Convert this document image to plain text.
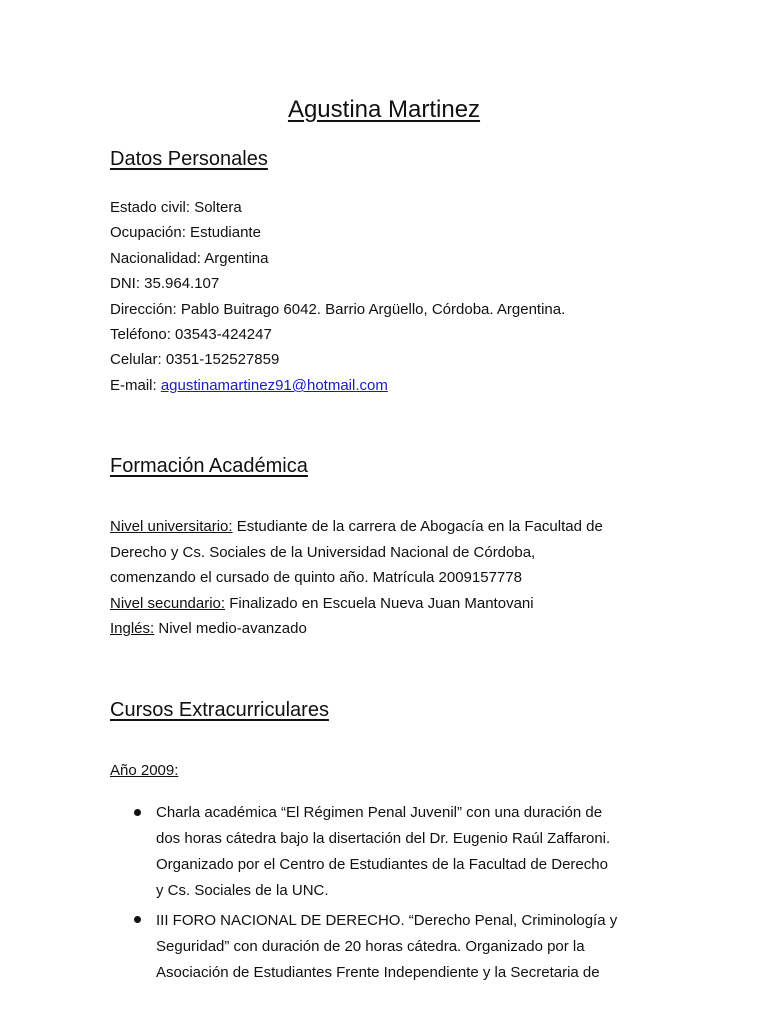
Agustina Martinez
Datos Personales
Estado civil: Soltera
Ocupación: Estudiante
Nacionalidad: Argentina
DNI: 35.964.107
Dirección: Pablo Buitrago 6042. Barrio Argüello, Córdoba. Argentina.
Teléfono: 03543-424247
Celular: 0351-152527859
E-mail: agustinamartinez91@hotmail.com
Formación Académica
Nivel universitario: Estudiante de la carrera de Abogacía en la Facultad de
Derecho y Cs. Sociales de la Universidad Nacional de Córdoba,
comenzando el cursado de quinto año. Matrícula 2009157778
Nivel secundario: Finalizado en Escuela Nueva Juan Mantovani
Inglés: Nivel medio-avanzado
Cursos Extracurriculares
Año 2009:
Charla académica “El Régimen Penal Juvenil” con una duración de
dos horas cátedra bajo la disertación del Dr. Eugenio Raúl Zaffaroni.
Organizado por el Centro de Estudiantes de la Facultad de Derecho
y Cs. Sociales de la UNC.
III FORO NACIONAL DE DERECHO. “Derecho Penal, Criminología y
Seguridad” con duración de 20 horas cátedra. Organizado por la
Asociación de Estudiantes Frente Independiente y la Secretaria de
